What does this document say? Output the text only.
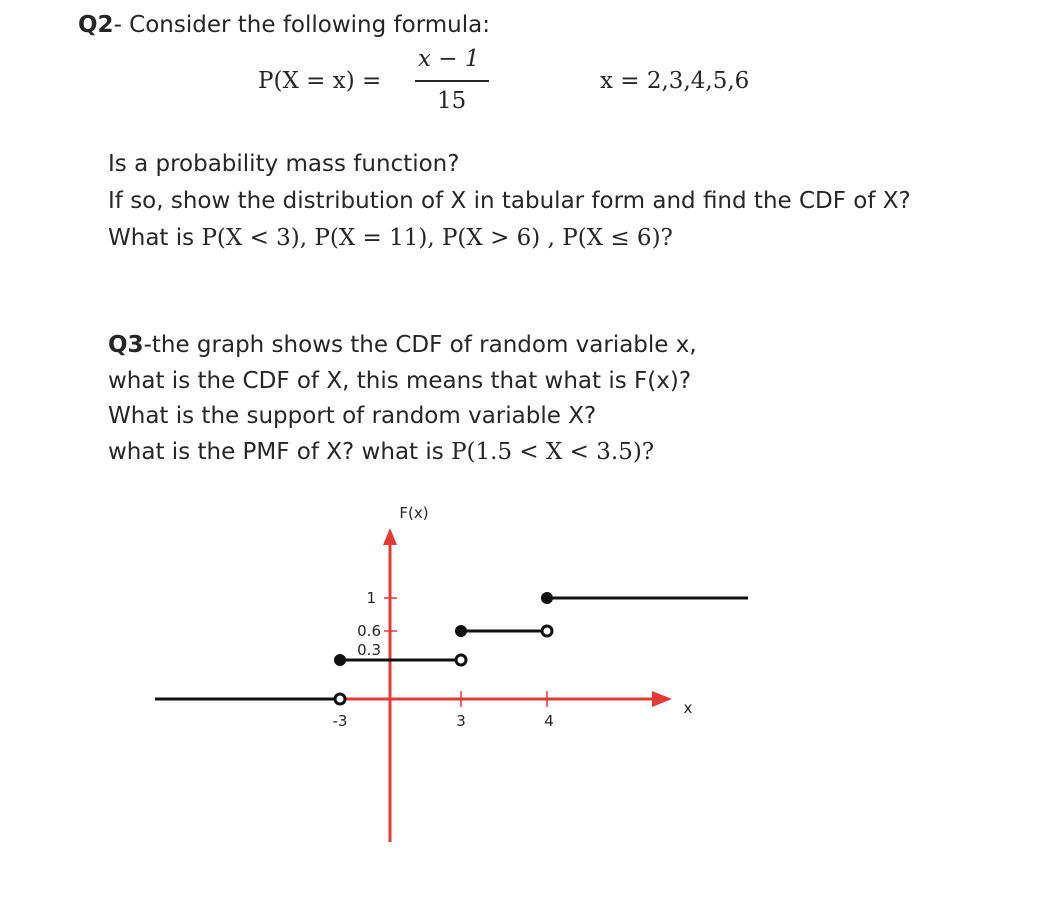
Q2- Consider the following formula:
P(X = x) =
x − 1
15
x = 2,3,4,5,6
Is a probability mass function?
If so, show the distribution of X in tabular form and find the CDF of X?
What is P(X < 3), P(X = 11), P(X > 6) , P(X ≤ 6)?
Q3-the graph shows the CDF of random variable x,
what is the CDF of X, this means that what is F(x)?
What is the support of random variable X?
what is the PMF of X? what is P(1.5 < X < 3.5)?
F(x)
x
-3	3	4
1
0.6
0.3
